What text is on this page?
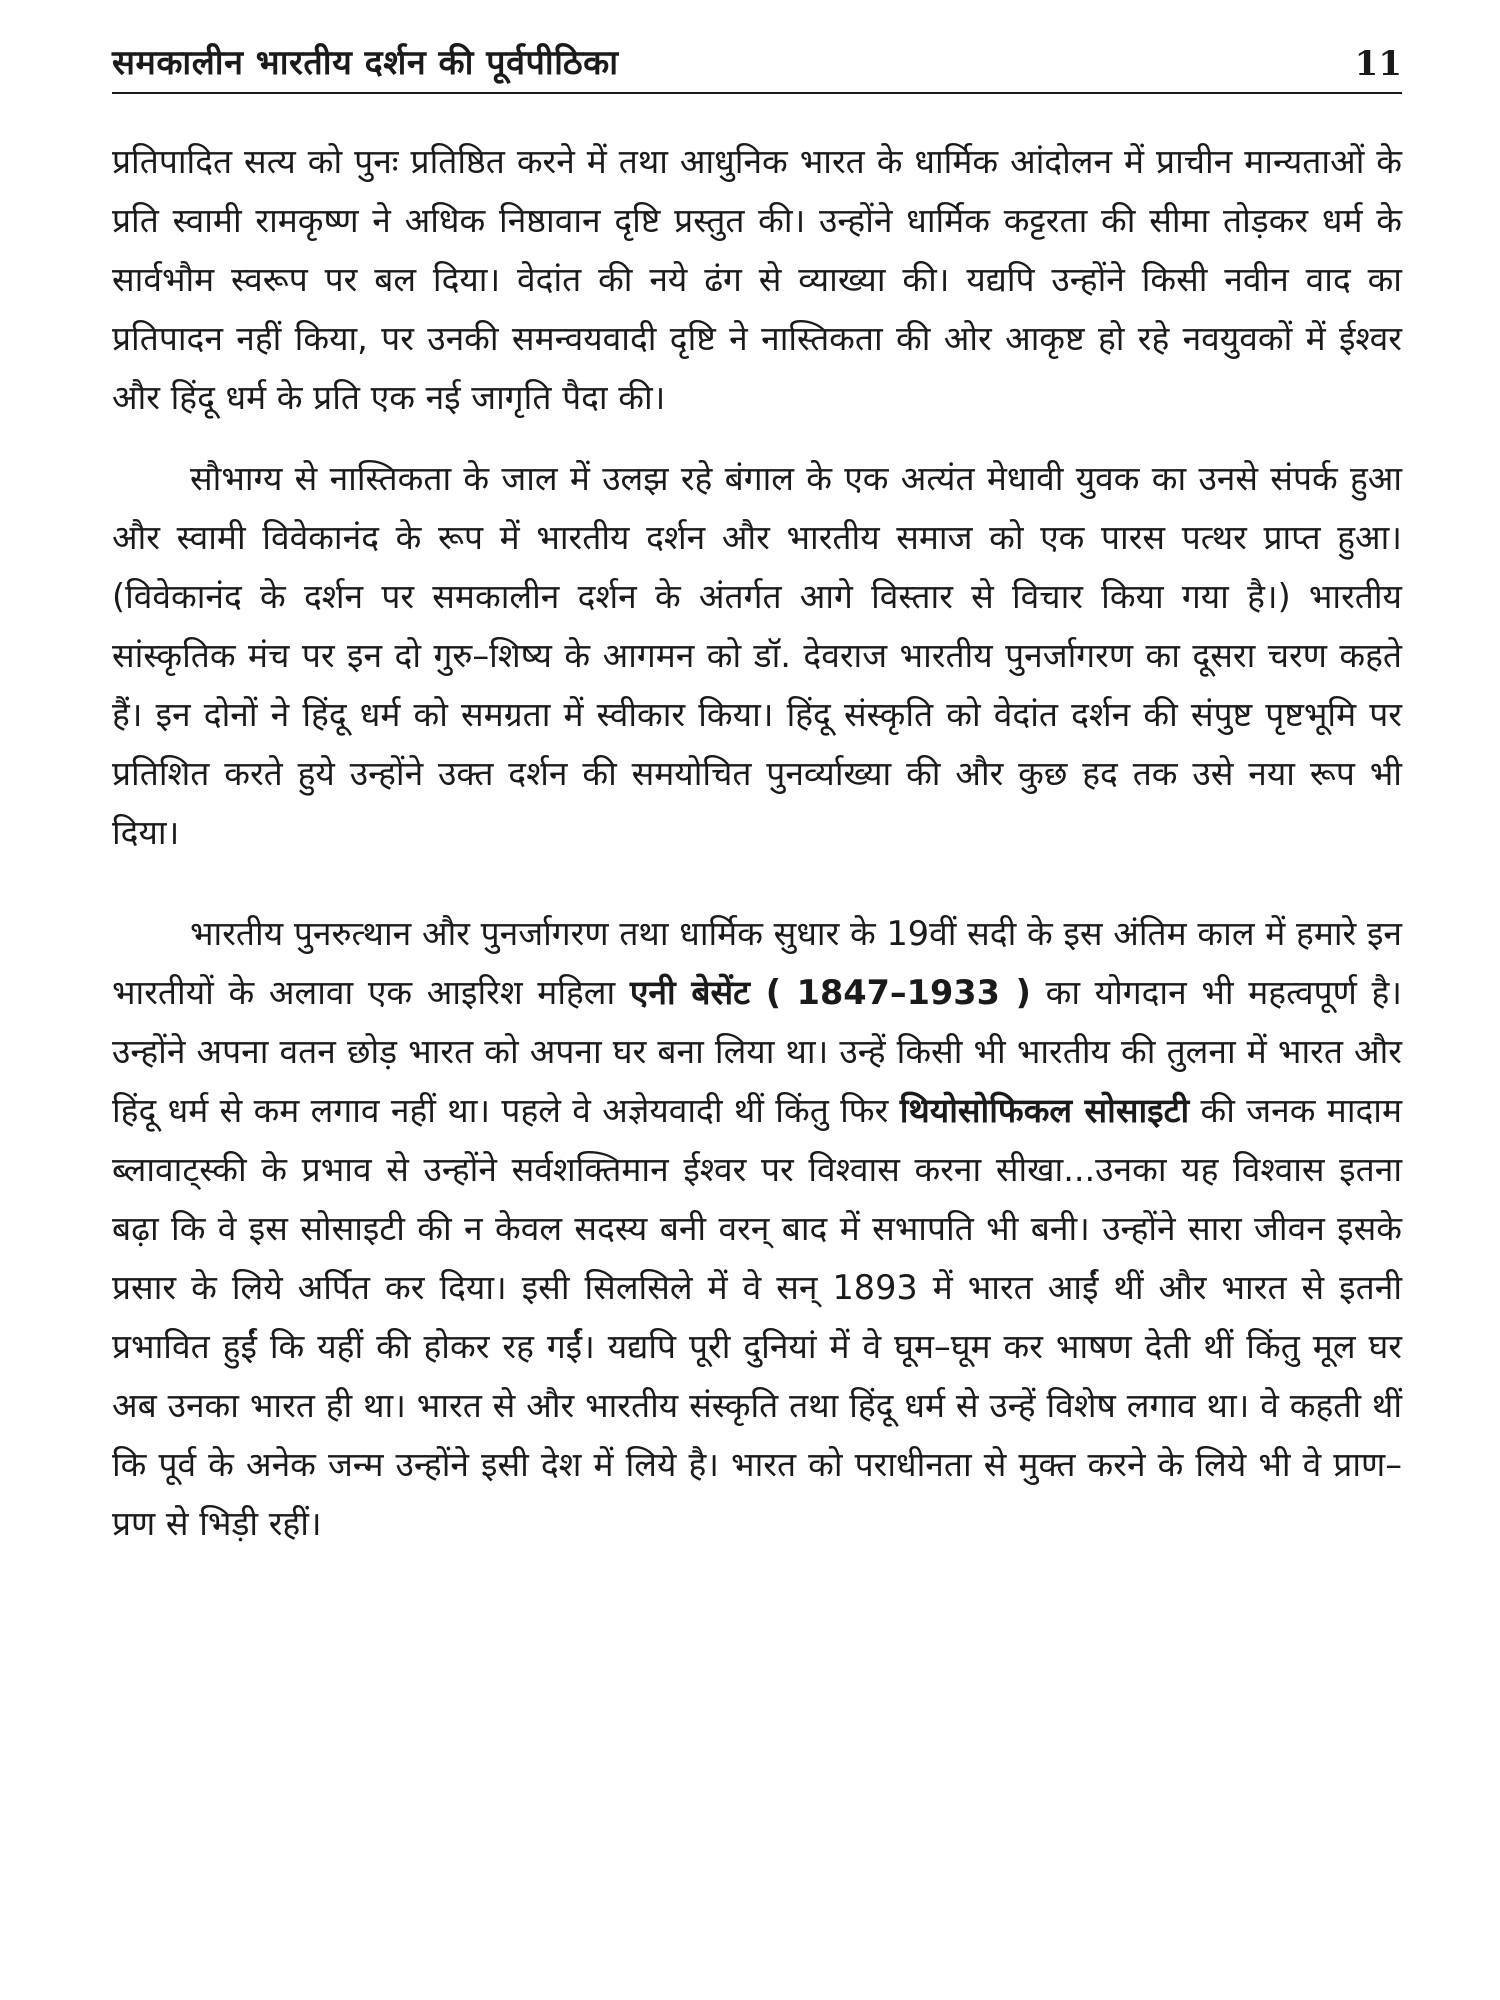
समकालीन भारतीय दर्शन की पूर्वपीठिका	11

प्रतिपादित सत्य को पुनः प्रतिष्ठित करने में तथा आधुनिक भारत के धार्मिक आंदोलन में प्राचीन मान्यताओं के प्रति स्वामी रामकृष्ण ने अधिक निष्ठावान दृष्टि प्रस्तुत की। उन्होंने धार्मिक कट्टरता की सीमा तोड़कर धर्म के सार्वभौम स्वरूप पर बल दिया। वेदांत की नये ढंग से व्याख्या की। यद्यपि उन्होंने किसी नवीन वाद का प्रतिपादन नहीं किया, पर उनकी समन्वयवादी दृष्टि ने नास्तिकता की ओर आकृष्ट हो रहे नवयुवकों में ईश्वर और हिंदू धर्म के प्रति एक नई जागृति पैदा की।

सौभाग्य से नास्तिकता के जाल में उलझ रहे बंगाल के एक अत्यंत मेधावी युवक का उनसे संपर्क हुआ और स्वामी विवेकानंद के रूप में भारतीय दर्शन और भारतीय समाज को एक पारस पत्थर प्राप्त हुआ। (विवेकानंद के दर्शन पर समकालीन दर्शन के अंतर्गत आगे विस्तार से विचार किया गया है।) भारतीय सांस्कृतिक मंच पर इन दो गुरु–शिष्य के आगमन को डॉ. देवराज भारतीय पुनर्जागरण का दूसरा चरण कहते हैं। इन दोनों ने हिंदू धर्म को समग्रता में स्वीकार किया। हिंदू संस्कृति को वेदांत दर्शन की संपुष्ट पृष्टभूमि पर प्रतिशित करते हुये उन्होंने उक्त दर्शन की समयोचित पुनर्व्याख्या की और कुछ हद तक उसे नया रूप भी दिया।

भारतीय पुनरुत्थान और पुनर्जागरण तथा धार्मिक सुधार के 19वीं सदी के इस अंतिम काल में हमारे इन भारतीयों के अलावा एक आइरिश महिला एनी बेसेंट ( 1847–1933 ) का योगदान भी महत्वपूर्ण है। उन्होंने अपना वतन छोड़ भारत को अपना घर बना लिया था। उन्हें किसी भी भारतीय की तुलना में भारत और हिंदू धर्म से कम लगाव नहीं था। पहले वे अज्ञेयवादी थीं किंतु फिर थियोसोफिकल सोसाइटी की जनक मादाम ब्लावाट्स्की के प्रभाव से उन्होंने सर्वशक्तिमान ईश्वर पर विश्वास करना सीखा...उनका यह विश्वास इतना बढ़ा कि वे इस सोसाइटी की न केवल सदस्य बनी वरन् बाद में सभापति भी बनी। उन्होंने सारा जीवन इसके प्रसार के लिये अर्पित कर दिया। इसी सिलसिले में वे सन् 1893 में भारत आईं थीं और भारत से इतनी प्रभावित हुईं कि यहीं की होकर रह गईं। यद्यपि पूरी दुनियां में वे घूम–घूम कर भाषण देती थीं किंतु मूल घर अब उनका भारत ही था। भारत से और भारतीय संस्कृति तथा हिंदू धर्म से उन्हें विशेष लगाव था। वे कहती थीं कि पूर्व के अनेक जन्म उन्होंने इसी देश में लिये है। भारत को पराधीनता से मुक्त करने के लिये भी वे प्राण–प्रण से भिड़ी रहीं।
